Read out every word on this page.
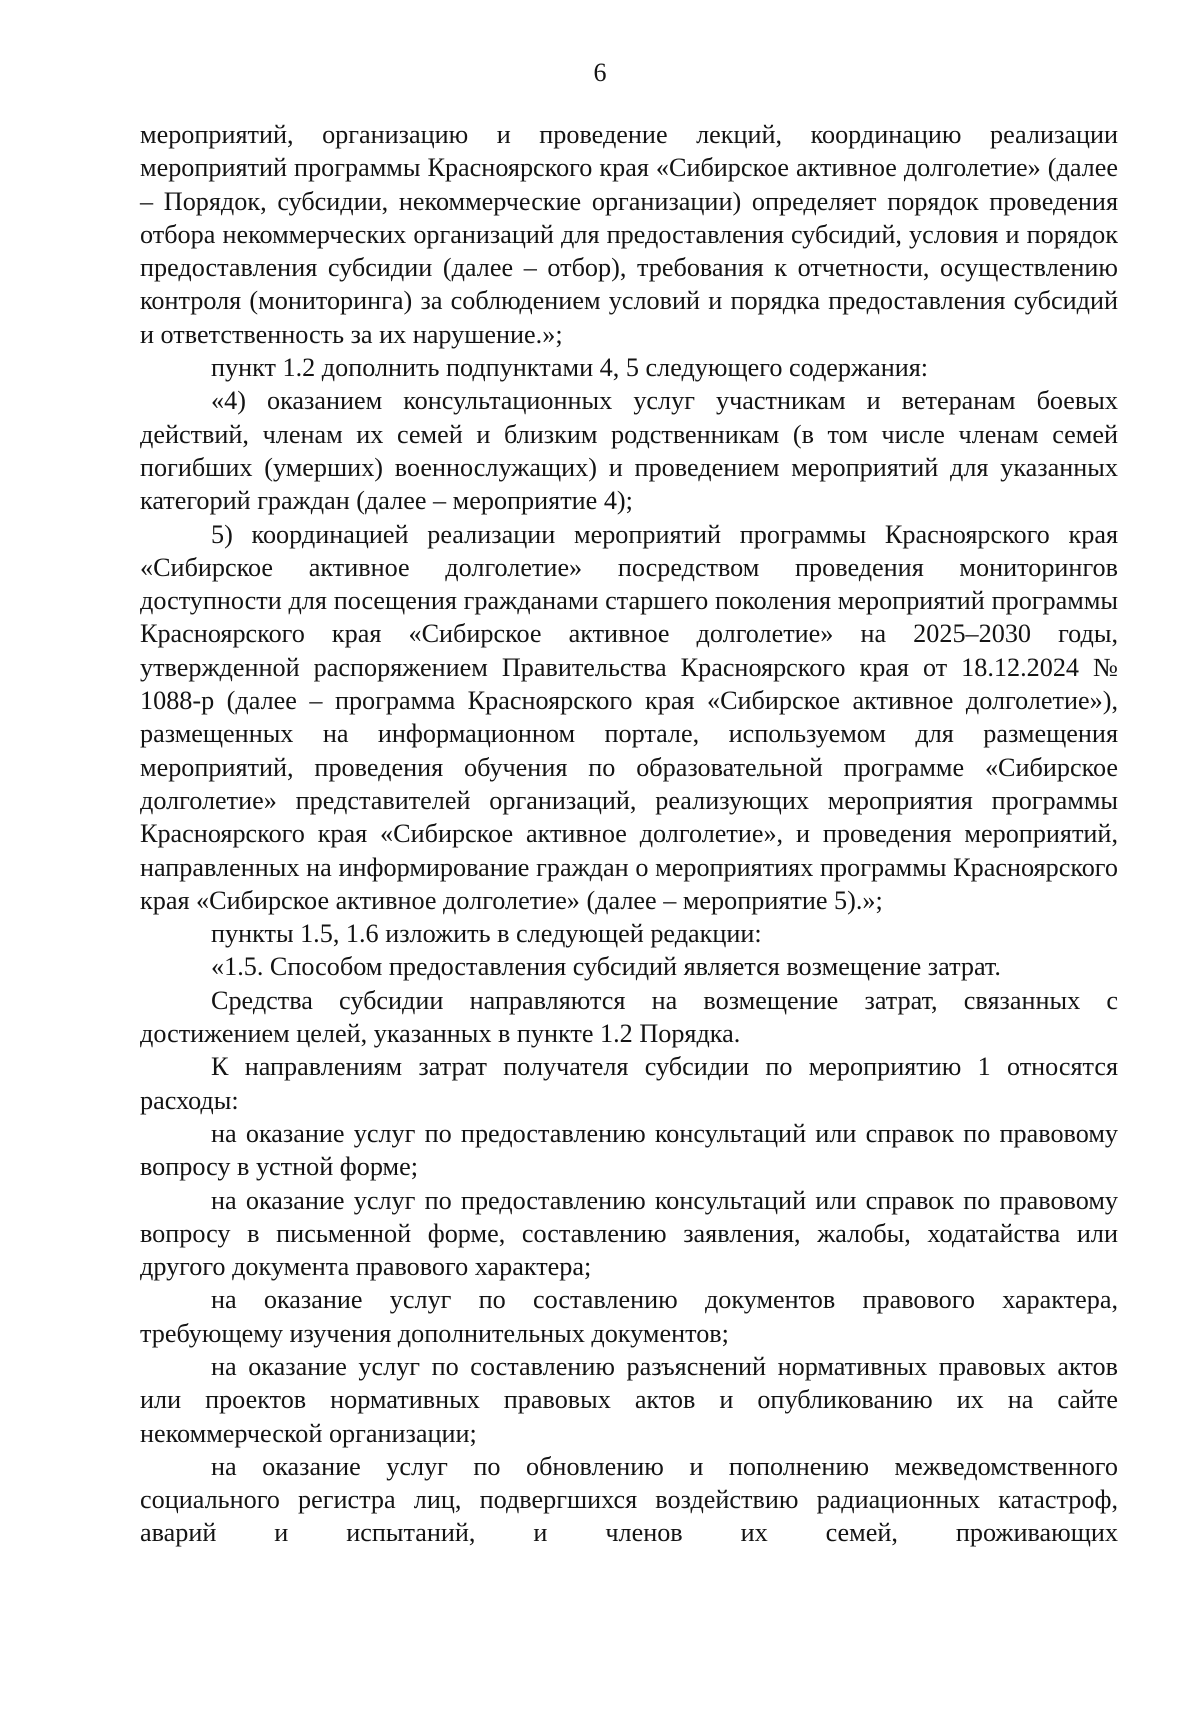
6

мероприятий, организацию и проведение лекций, координацию реализации мероприятий программы Красноярского края «Сибирское активное долголетие» (далее – Порядок, субсидии, некоммерческие организации) определяет порядок проведения отбора некоммерческих организаций для предоставления субсидий, условия и порядок предоставления субсидии (далее – отбор), требования к отчетности, осуществлению контроля (мониторинга) за соблюдением условий и порядка предоставления субсидий и ответственность за их нарушение.»;

пункт 1.2 дополнить подпунктами 4, 5 следующего содержания:

«4) оказанием консультационных услуг участникам и ветеранам боевых действий, членам их семей и близким родственникам (в том числе членам семей погибших (умерших) военнослужащих) и проведением мероприятий для указанных категорий граждан (далее – мероприятие 4);

5) координацией реализации мероприятий программы Красноярского края «Сибирское активное долголетие» посредством проведения мониторингов доступности для посещения гражданами старшего поколения мероприятий программы Красноярского края «Сибирское активное долголетие» на 2025–2030 годы, утвержденной распоряжением Правительства Красноярского края от 18.12.2024 № 1088-р (далее – программа Красноярского края «Сибирское активное долголетие»), размещенных на информационном портале, используемом для размещения мероприятий, проведения обучения по образовательной программе «Сибирское долголетие» представителей организаций, реализующих мероприятия программы Красноярского края «Сибирское активное долголетие», и проведения мероприятий, направленных на информирование граждан о мероприятиях программы Красноярского края «Сибирское активное долголетие» (далее – мероприятие 5).»;

пункты 1.5, 1.6 изложить в следующей редакции:

«1.5. Способом предоставления субсидий является возмещение затрат.

Средства субсидии направляются на возмещение затрат, связанных с достижением целей, указанных в пункте 1.2 Порядка.

К направлениям затрат получателя субсидии по мероприятию 1 относятся расходы:

на оказание услуг по предоставлению консультаций или справок по правовому вопросу в устной форме;

на оказание услуг по предоставлению консультаций или справок по правовому вопросу в письменной форме, составлению заявления, жалобы, ходатайства или другого документа правового характера;

на оказание услуг по составлению документов правового характера, требующему изучения дополнительных документов;

на оказание услуг по составлению разъяснений нормативных правовых актов или проектов нормативных правовых актов и опубликованию их на сайте некоммерческой организации;

на оказание услуг по обновлению и пополнению межведомственного социального регистра лиц, подвергшихся воздействию радиационных катастроф, аварий и испытаний, и членов их семей, проживающих
